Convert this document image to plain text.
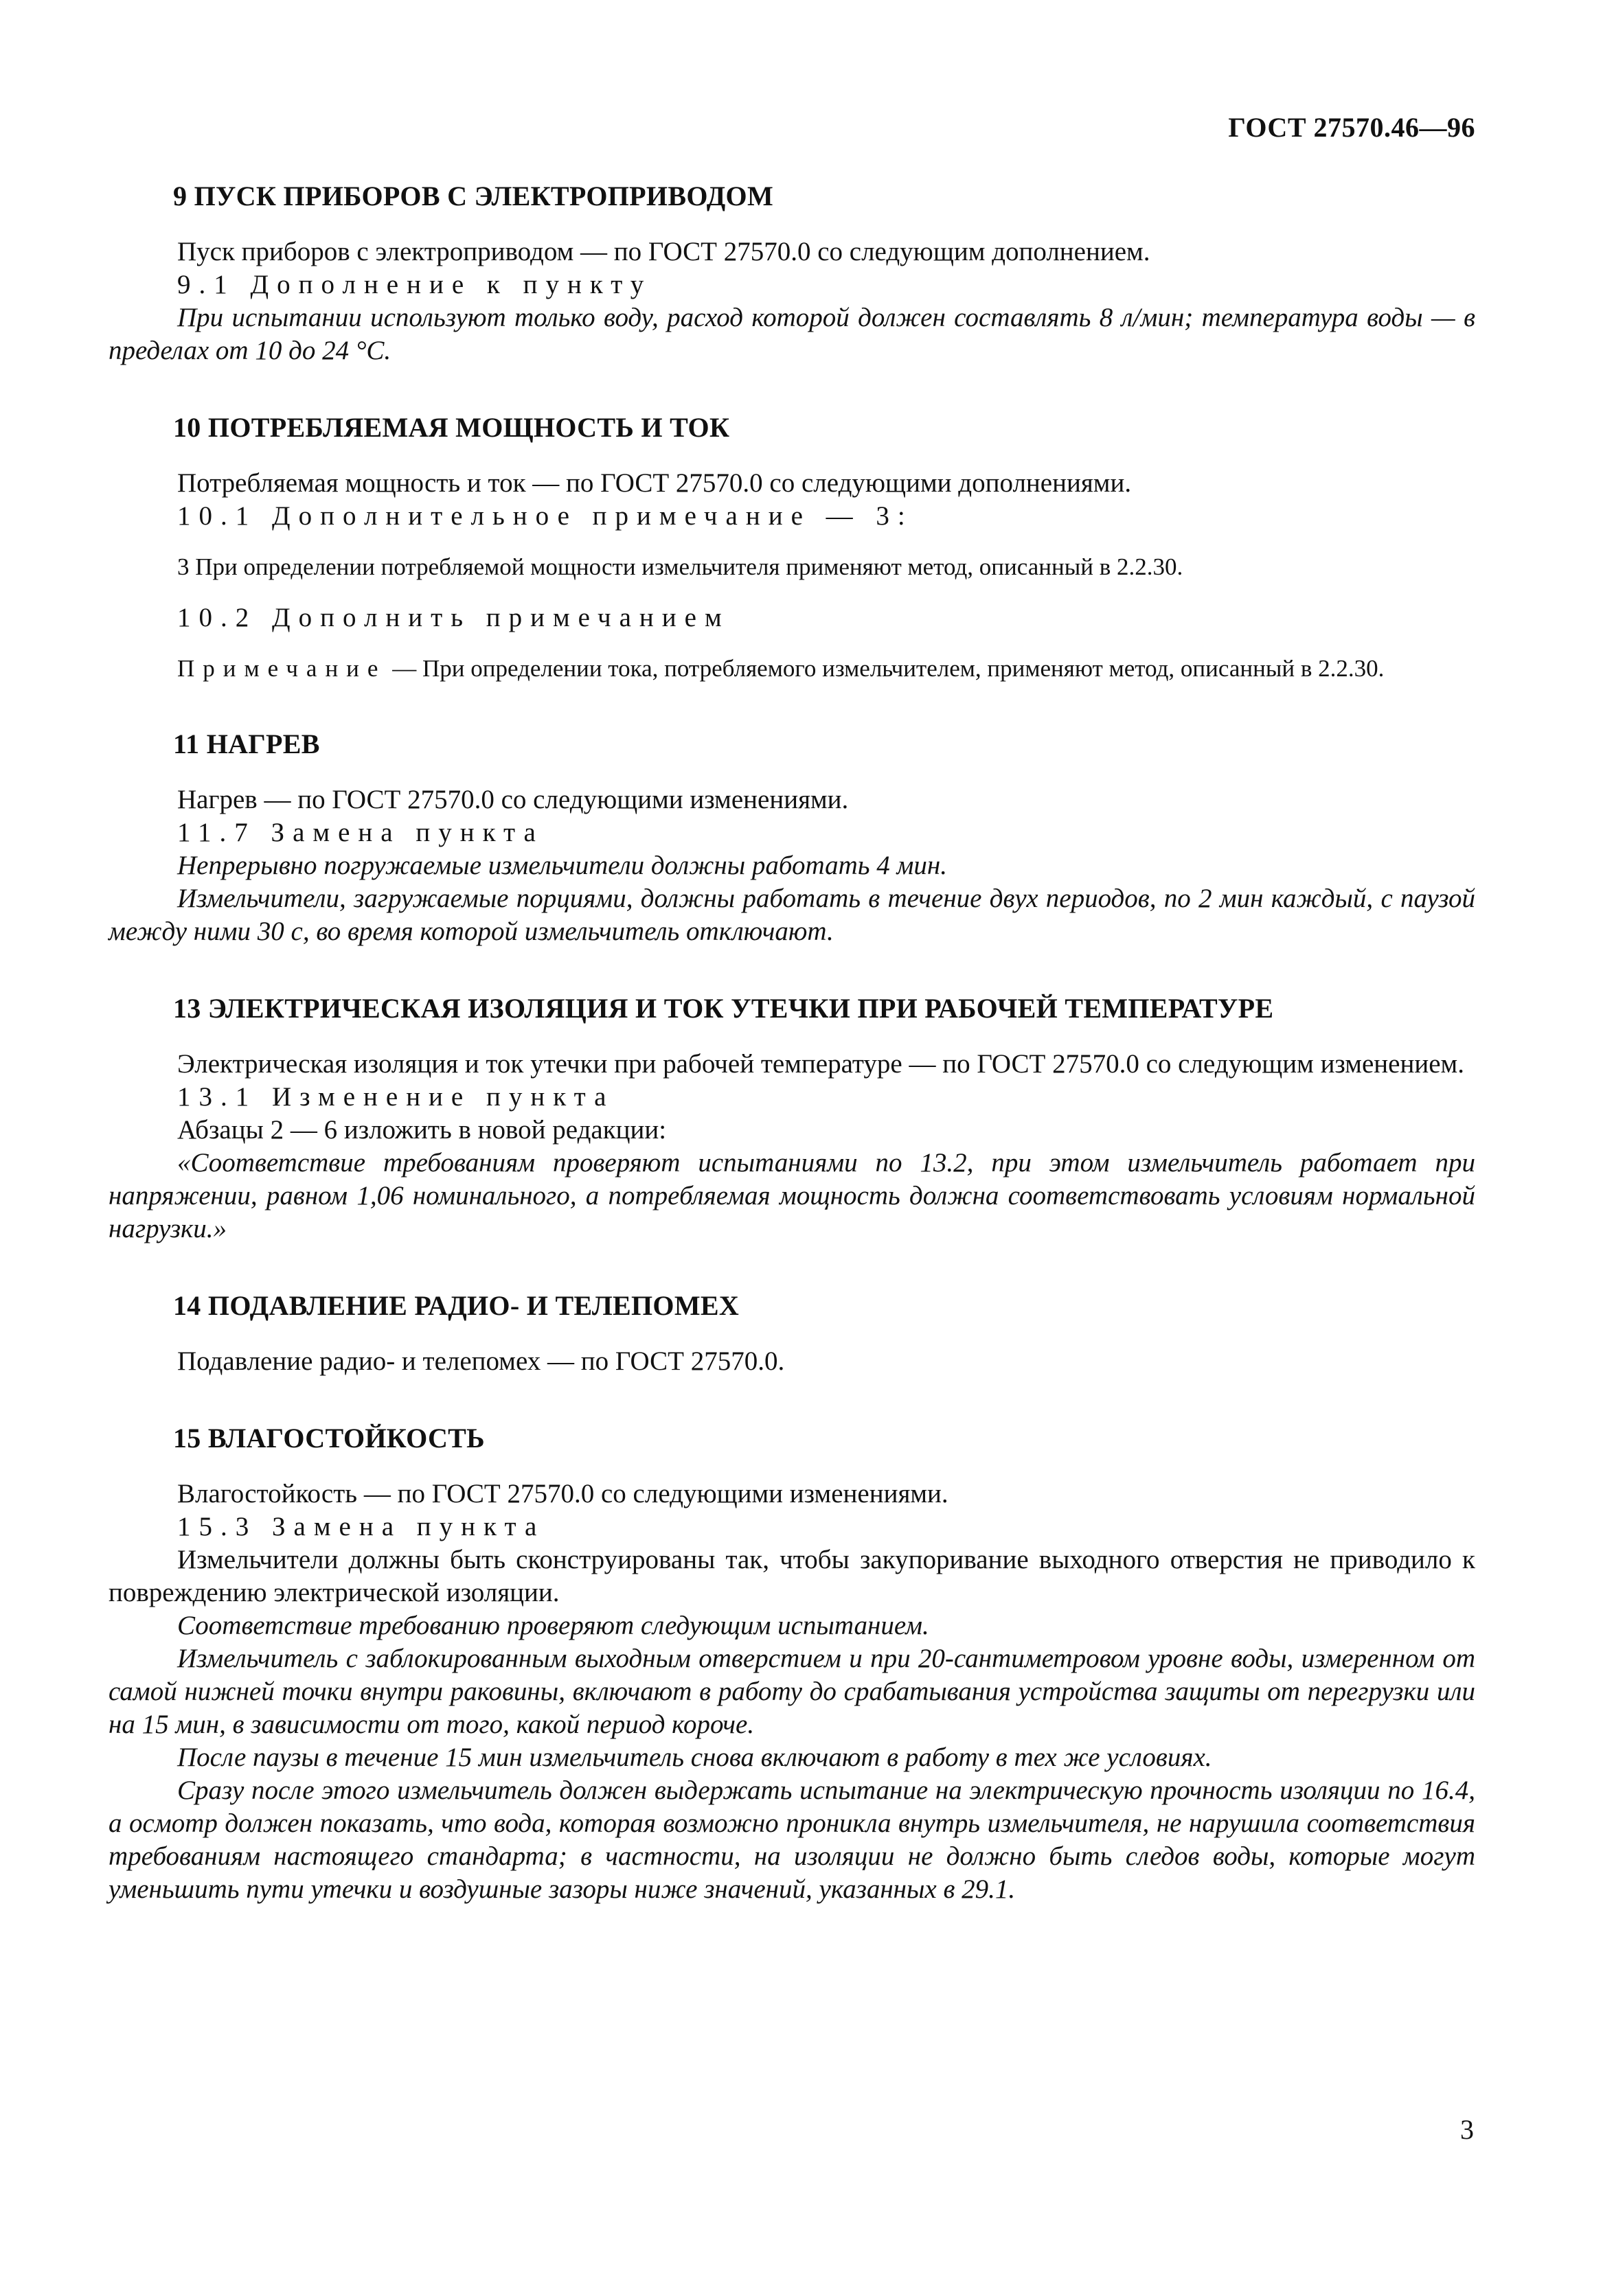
ГОСТ 27570.46—96
9 ПУСК ПРИБОРОВ С ЭЛЕКТРОПРИВОДОМ

Пуск приборов с электроприводом — по ГОСТ 27570.0 со следующим дополнением.

9.1 Дополнение к пункту

При испытании используют только воду, расход которой должен составлять 8 л/мин; температура воды — в пределах от 10 до 24 °С.

10 ПОТРЕБЛЯЕМАЯ МОЩНОСТЬ И ТОК

Потребляемая мощность и ток — по ГОСТ 27570.0 со следующими дополнениями.

10.1 Дополнительное примечание — 3:

3 При определении потребляемой мощности измельчителя применяют метод, описанный в 2.2.30.

10.2 Дополнить примечанием

Примечание — При определении тока, потребляемого измельчителем, применяют метод, описанный в 2.2.30.

11 НАГРЕВ

Нагрев — по ГОСТ 27570.0 со следующими изменениями.

11.7 Замена пункта

Непрерывно погружаемые измельчители должны работать 4 мин.

Измельчители, загружаемые порциями, должны работать в течение двух периодов, по 2 мин каждый, с паузой между ними 30 с, во время которой измельчитель отключают.

13 ЭЛЕКТРИЧЕСКАЯ ИЗОЛЯЦИЯ И ТОК УТЕЧКИ ПРИ РАБОЧЕЙ ТЕМПЕРАТУРЕ

Электрическая изоляция и ток утечки при рабочей температуре — по ГОСТ 27570.0 со следующим изменением.

13.1 Изменение пункта

Абзацы 2 — 6 изложить в новой редакции:

«Соответствие требованиям проверяют испытаниями по 13.2, при этом измельчитель работает при напряжении, равном 1,06 номинального, а потребляемая мощность должна соответствовать условиям нормальной нагрузки.»

14 ПОДАВЛЕНИЕ РАДИО- И ТЕЛЕПОМЕХ

Подавление радио- и телепомех — по ГОСТ 27570.0.

15 ВЛАГОСТОЙКОСТЬ

Влагостойкость — по ГОСТ 27570.0 со следующими изменениями.

15.3 Замена пункта

Измельчители должны быть сконструированы так, чтобы закупоривание выходного отверстия не приводило к повреждению электрической изоляции.

Соответствие требованию проверяют следующим испытанием.

Измельчитель с заблокированным выходным отверстием и при 20-сантиметровом уровне воды, измеренном от самой нижней точки внутри раковины, включают в работу до срабатывания устройства защиты от перегрузки или на 15 мин, в зависимости от того, какой период короче.

После паузы в течение 15 мин измельчитель снова включают в работу в тех же условиях.

Сразу после этого измельчитель должен выдержать испытание на электрическую прочность изоляции по 16.4, а осмотр должен показать, что вода, которая возможно проникла внутрь измельчителя, не нарушила соответствия требованиям настоящего стандарта; в частности, на изоляции не должно быть следов воды, которые могут уменьшить пути утечки и воздушные зазоры ниже значений, указанных в 29.1.

3
